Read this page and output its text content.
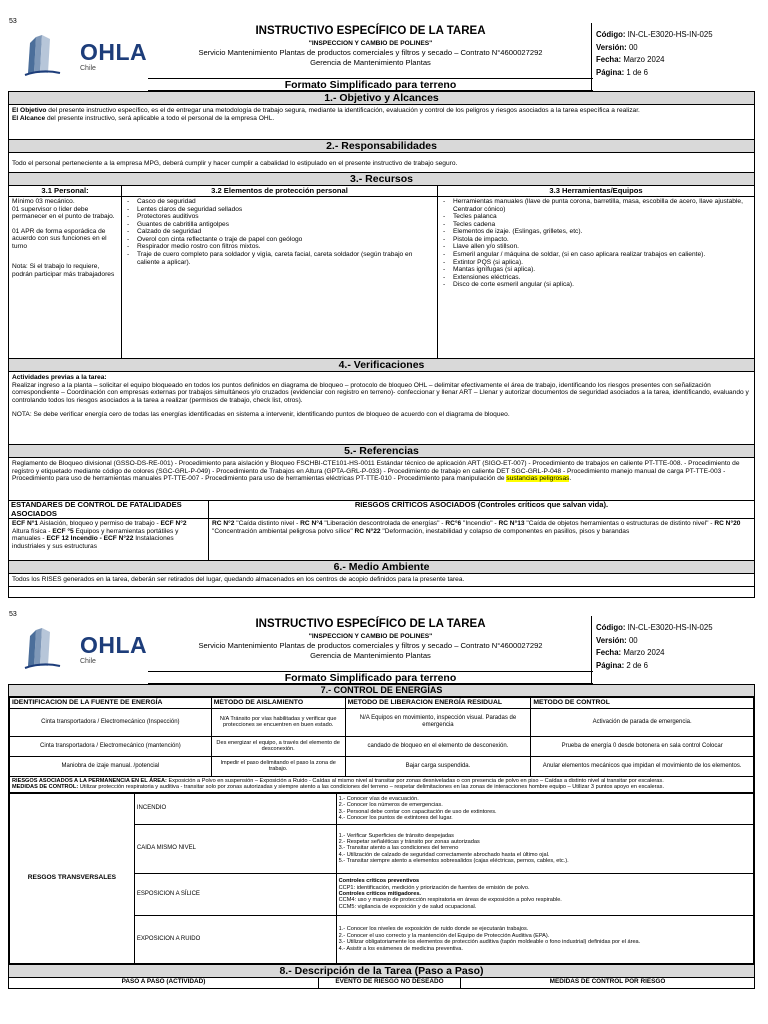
53
OHLA
Chile
INSTRUCTIVO ESPECÍFICO DE LA TAREA
"INSPECCION Y CAMBIO DE POLINES"
Servicio Mantenimiento Plantas de productos comerciales y filtros y secado – Contrato N°4600027292
Gerencia de Mantenimiento Plantas
Formato Simplificado para terreno
Código: IN-CL-E3020-HS-IN-025
Versión: 00
Fecha: Marzo 2024
Página: 1 de 6
1.- Objetivo y Alcances
El Objetivo del presente instructivo específico, es el de entregar una metodología de trabajo segura, mediante la identificación, evaluación y control de los peligros y riesgos asociados a la tarea específica a realizar.
El Alcance del presente instructivo, será aplicable a todo el personal de la empresa OHL.
2.- Responsabilidades
Todo el personal perteneciente a la empresa MPG, deberá cumplir y hacer cumplir a cabalidad lo estipulado en el presente instructivo de trabajo seguro.
3.- Recursos
3.1 Personal:
Mínimo 03 mecánico.
01 supervisor o líder debe permanecer en el punto de trabajo.
01 APR de forma esporádica de acuerdo con sus funciones en el turno
Nota: Si el trabajo lo requiere, podrán participar más trabajadores
3.2 Elementos de protección personal
- Casco de seguridad
- Lentes claros de seguridad sellados
- Protectores auditivos
- Guantes de cabritilla antigolpes
- Calzado de seguridad
- Overol con cinta reflectante o traje de papel con geólogo
- Respirador medio rostro con filtros mixtos.
- Traje de cuero completo para soldador y vigía, careta facial, careta soldador (según trabajo en caliente a aplicar).
3.3 Herramientas/Equipos
- Herramientas manuales (llave de punta corona, barretilla, masa, escobilla de acero, llave ajustable, Centrador cónico)
- Tecles palanca
- Tecles cadena
- Elementos de izaje. (Eslingas, grilletes, etc).
- Pistola de impacto.
- Llave allen y/o stillson.
- Esmeril angular / máquina de soldar, (si en caso aplicara realizar trabajos en caliente).
- Extintor PQS (si aplica).
- Mantas ignífugas (si aplica).
- Extensiones eléctricas.
- Disco de corte esmeril angular (si aplica).
4.- Verificaciones
Actividades previas a la tarea:
Realizar ingreso a la planta – solicitar el equipo bloqueado en todos los puntos definidos en diagrama de bloqueo – protocolo de bloqueo OHL – delimitar efectivamente el área de trabajo, identificando los riesgos presentes con señalización correspondiente – Coordinación con empresas externas por trabajos simultáneos y/o cruzados (evidenciar con registro en terreno)- confeccionar y llenar ART – Llenar y autorizar documentos de seguridad asociados a la tarea, identificando, evaluando y controlando todos los riesgos asociados a la tarea a realizar (permisos de trabajo, check list, otros).
NOTA: Se debe verificar energía cero de todas las energías identificadas en sistema a intervenir, identificando puntos de bloqueo de acuerdo con el diagrama de bloqueo.
5.- Referencias
Reglamento de Bloqueo divisional (GSSO-DS-RE-001) - Procedimiento para aislación y Bloqueo FSCHBI-CTE101-HS-0011 Estándar técnico de aplicación ART (SIGO-ET-007) - Procedimiento de trabajos en caliente PT-TTE-008. - Procedimiento de registro y etiquetado mediante código de colores (SGC-GRL-P-049) - Procedimiento de Trabajos en Altura (GPTA-GRL-P-033) - Procedimiento de trabajo en caliente DET SGC-GRL-P-048 - Procedimiento manejo manual de carga PT-TTE-003 - Procedimiento para uso de herramientas manuales PT-TTE-007 - Procedimiento para uso de herramientas eléctricas PT-TTE-010 - Procedimiento para manipulación de sustancias peligrosas.
ESTANDARES DE CONTROL DE FATALIDADES ASOCIADOS
ECF N°1 Aislación, bloqueo y permiso de trabajo - ECF N°2 Altura física - ECF °5 Equipos y herramientas portátiles y manuales - ECF 12 Incendio - ECF N°22 Instalaciones industriales y sus estructuras
RIESGOS CRÍTICOS ASOCIADOS (Controles críticos que salvan vida).
RC N°2 "Caída distinto nivel - RC N°4 "Liberación descontrolada de energías" - RC°6 "Incendio" - RC N°13 "Caída de objetos herramientas o estructuras de distinto nivel" - RC N°20 "Concentración ambiental peligrosa polvo sílice" RC N°22 "Deformación, inestabilidad y colapso de componentes en pasillos, pisos y barandas
6.- Medio Ambiente
Todos los RISES generados en la tarea, deberán ser retirados del lugar, quedando almacenados en los centros de acopio definidos para la presente tarea.
53
OHLA
Chile
INSTRUCTIVO ESPECÍFICO DE LA TAREA
"INSPECCION Y CAMBIO DE POLINES"
Servicio Mantenimiento Plantas de productos comerciales y filtros y secado – Contrato N°4600027292
Gerencia de Mantenimiento Plantas
Formato Simplificado para terreno
Código: IN-CL-E3020-HS-IN-025
Versión: 00
Fecha: Marzo 2024
Página: 2 de 6
7.- CONTROL DE ENERGÍAS
IDENTIFICACION DE LA FUENTE DE ENERGÍA	METODO DE AISLAMIENTO	METODO DE LIBERACION ENERGÍA RESIDUAL	METODO DE CONTROL
Cinta transportadora / Electromecánico (Inspección)	N/A Tránsito por vías habilitadas y verificar que protecciones se encuentren en buen estado.	N/A Equipos en movimiento, inspección visual. Paradas de emergencia	Activación de parada de emergencia.
Cinta transportadora / Electromecánico (mantención)	Des energizar el equipo, a través del elemento de desconexión.	candado de bloqueo en el elemento de desconexión.	Prueba de energía 0 desde botonera en sala control Colocar
Maniobra de izaje manual. /potencial	Impedir el paso delimitando el paso la zona de trabajo.	Bajar carga suspendida.	Anular elementos mecánicos que impidan el movimiento de los elementos.
RIESGOS ASOCIADOS A LA PERMANENCIA EN EL ÁREA: Exposición a Polvo en suspensión – Exposición a Ruido - Caídas al mismo nivel al transitar por zonas desniveladas o con presencia de polvo en piso – Caídas a distinto nivel al transitar por escaleras.
MEDIDAS DE CONTROL: Utilizar protección respiratoria y auditiva - transitar solo por zonas autorizadas y siempre atento a las condiciones del terreno – respetar delimitaciones en las zonas de interacciones hombre equipo – Utilizar 3 puntos apoyo en escaleras.			
RESGOS TRANSVERSALES	INCENDIO	1.- Conocer vías de evacuación.
2.- Conocer los números de emergencias.
3.- Personal debe contar con capacitación de uso de extintores.
4.- Conocer los puntos de extintores del lugar.

	CAIDA MISMO NIVEL	1.- Verificar Superficies de tránsito despejadas
2.- Respetar señaléticas y tránsito por zonas autorizadas
3.- Transitar atento a las condiciones del terreno
4.- Utilización de calzado de seguridad correctamente abrochado hasta el último ojal.
5.- Transitar siempre atento a elementos sobresalidos (cajas eléctricas, pernos, cables, etc.).

	ESPOSICION A SÍLICE	Controles críticos preventivos
CCP1: identificación, medición y priorización de fuentes de emisión de polvo.
Controles críticos mitigadores.
CCM4: uso y manejo de protección respiratoria en áreas de exposición a polvo respirable.
CCM5: vigilancia de exposición y de salud ocupacional.

	EXPOSICION A RUIDO	1.- Conocer los niveles de exposición de ruido donde se ejecutarán trabajos.
2.- Conocer el uso correcto y la mantención del Equipo de Protección Auditiva (EPA).
3.- Utilizar obligatoriamente los elementos de protección auditiva (tapón moldeable o fono industrial) definidas por el área.
4.- Asistir a los exámenes de medicina preventiva.
8.- Descripción de la Tarea (Paso a Paso)
PASO A PASO (ACTIVIDAD)	EVENTO DE RIESGO NO DESEADO	MEDIDAS DE CONTROL POR RIESGO
